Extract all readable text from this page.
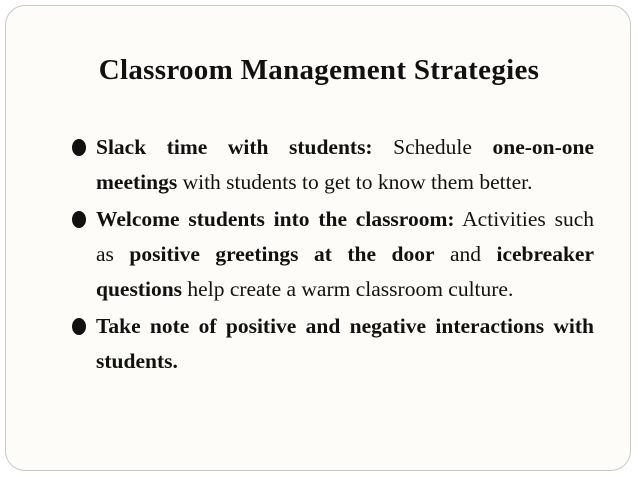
Classroom Management Strategies
Slack time with students: Schedule one-on-one meetings with students to get to know them better.
Welcome students into the classroom: Activities such as positive greetings at the door and icebreaker questions help create a warm classroom culture.
Take note of positive and negative interactions with students.
